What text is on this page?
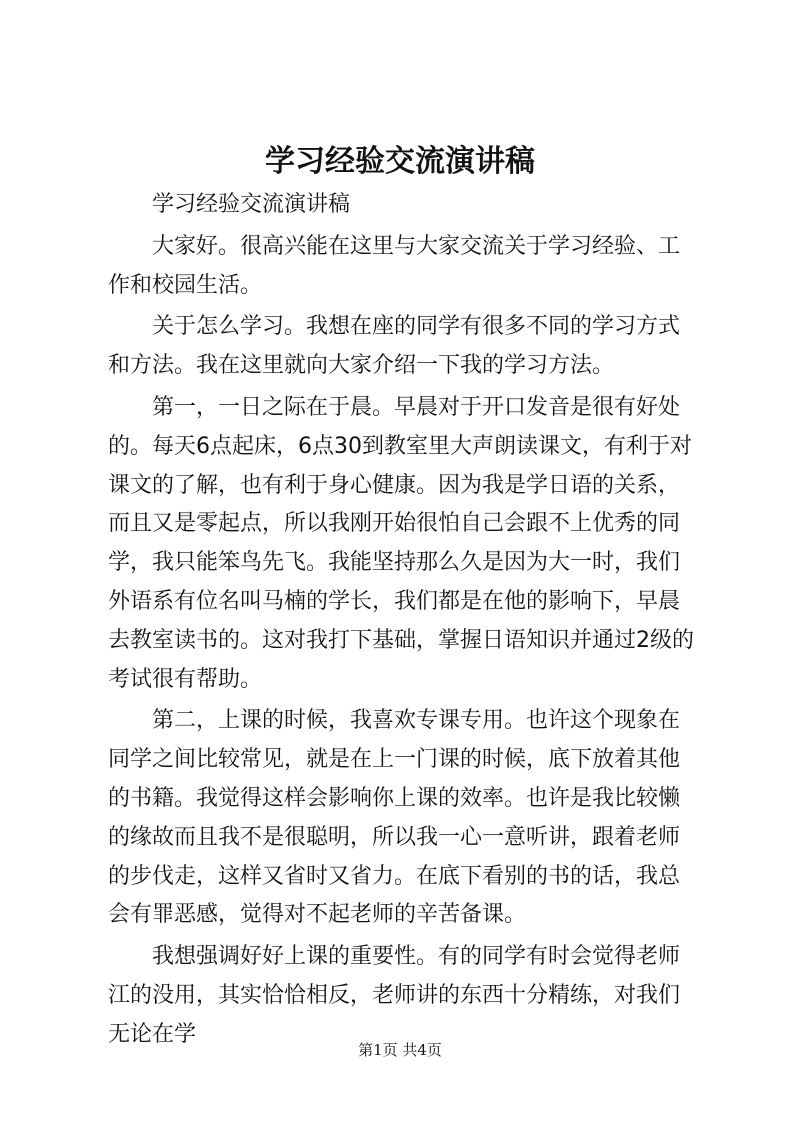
学习经验交流演讲稿

学习经验交流演讲稿

大家好。很高兴能在这里与大家交流关于学习经验、工作和校园生活。

关于怎么学习。我想在座的同学有很多不同的学习方式和方法。我在这里就向大家介绍一下我的学习方法。

第一，一日之际在于晨。早晨对于开口发音是很有好处的。每天6点起床，6点30到教室里大声朗读课文，有利于对课文的了解，也有利于身心健康。因为我是学日语的关系，而且又是零起点，所以我刚开始很怕自己会跟不上优秀的同学，我只能笨鸟先飞。我能坚持那么久是因为大一时，我们外语系有位名叫马楠的学长，我们都是在他的影响下，早晨去教室读书的。这对我打下基础，掌握日语知识并通过2级的考试很有帮助。

第二，上课的时候，我喜欢专课专用。也许这个现象在同学之间比较常见，就是在上一门课的时候，底下放着其他的书籍。我觉得这样会影响你上课的效率。也许是我比较懒的缘故而且我不是很聪明，所以我一心一意听讲，跟着老师的步伐走，这样又省时又省力。在底下看别的书的话，我总会有罪恶感，觉得对不起老师的辛苦备课。

我想强调好好上课的重要性。有的同学有时会觉得老师江的没用，其实恰恰相反，老师讲的东西十分精练，对我们无论在学

第1页 共4页
